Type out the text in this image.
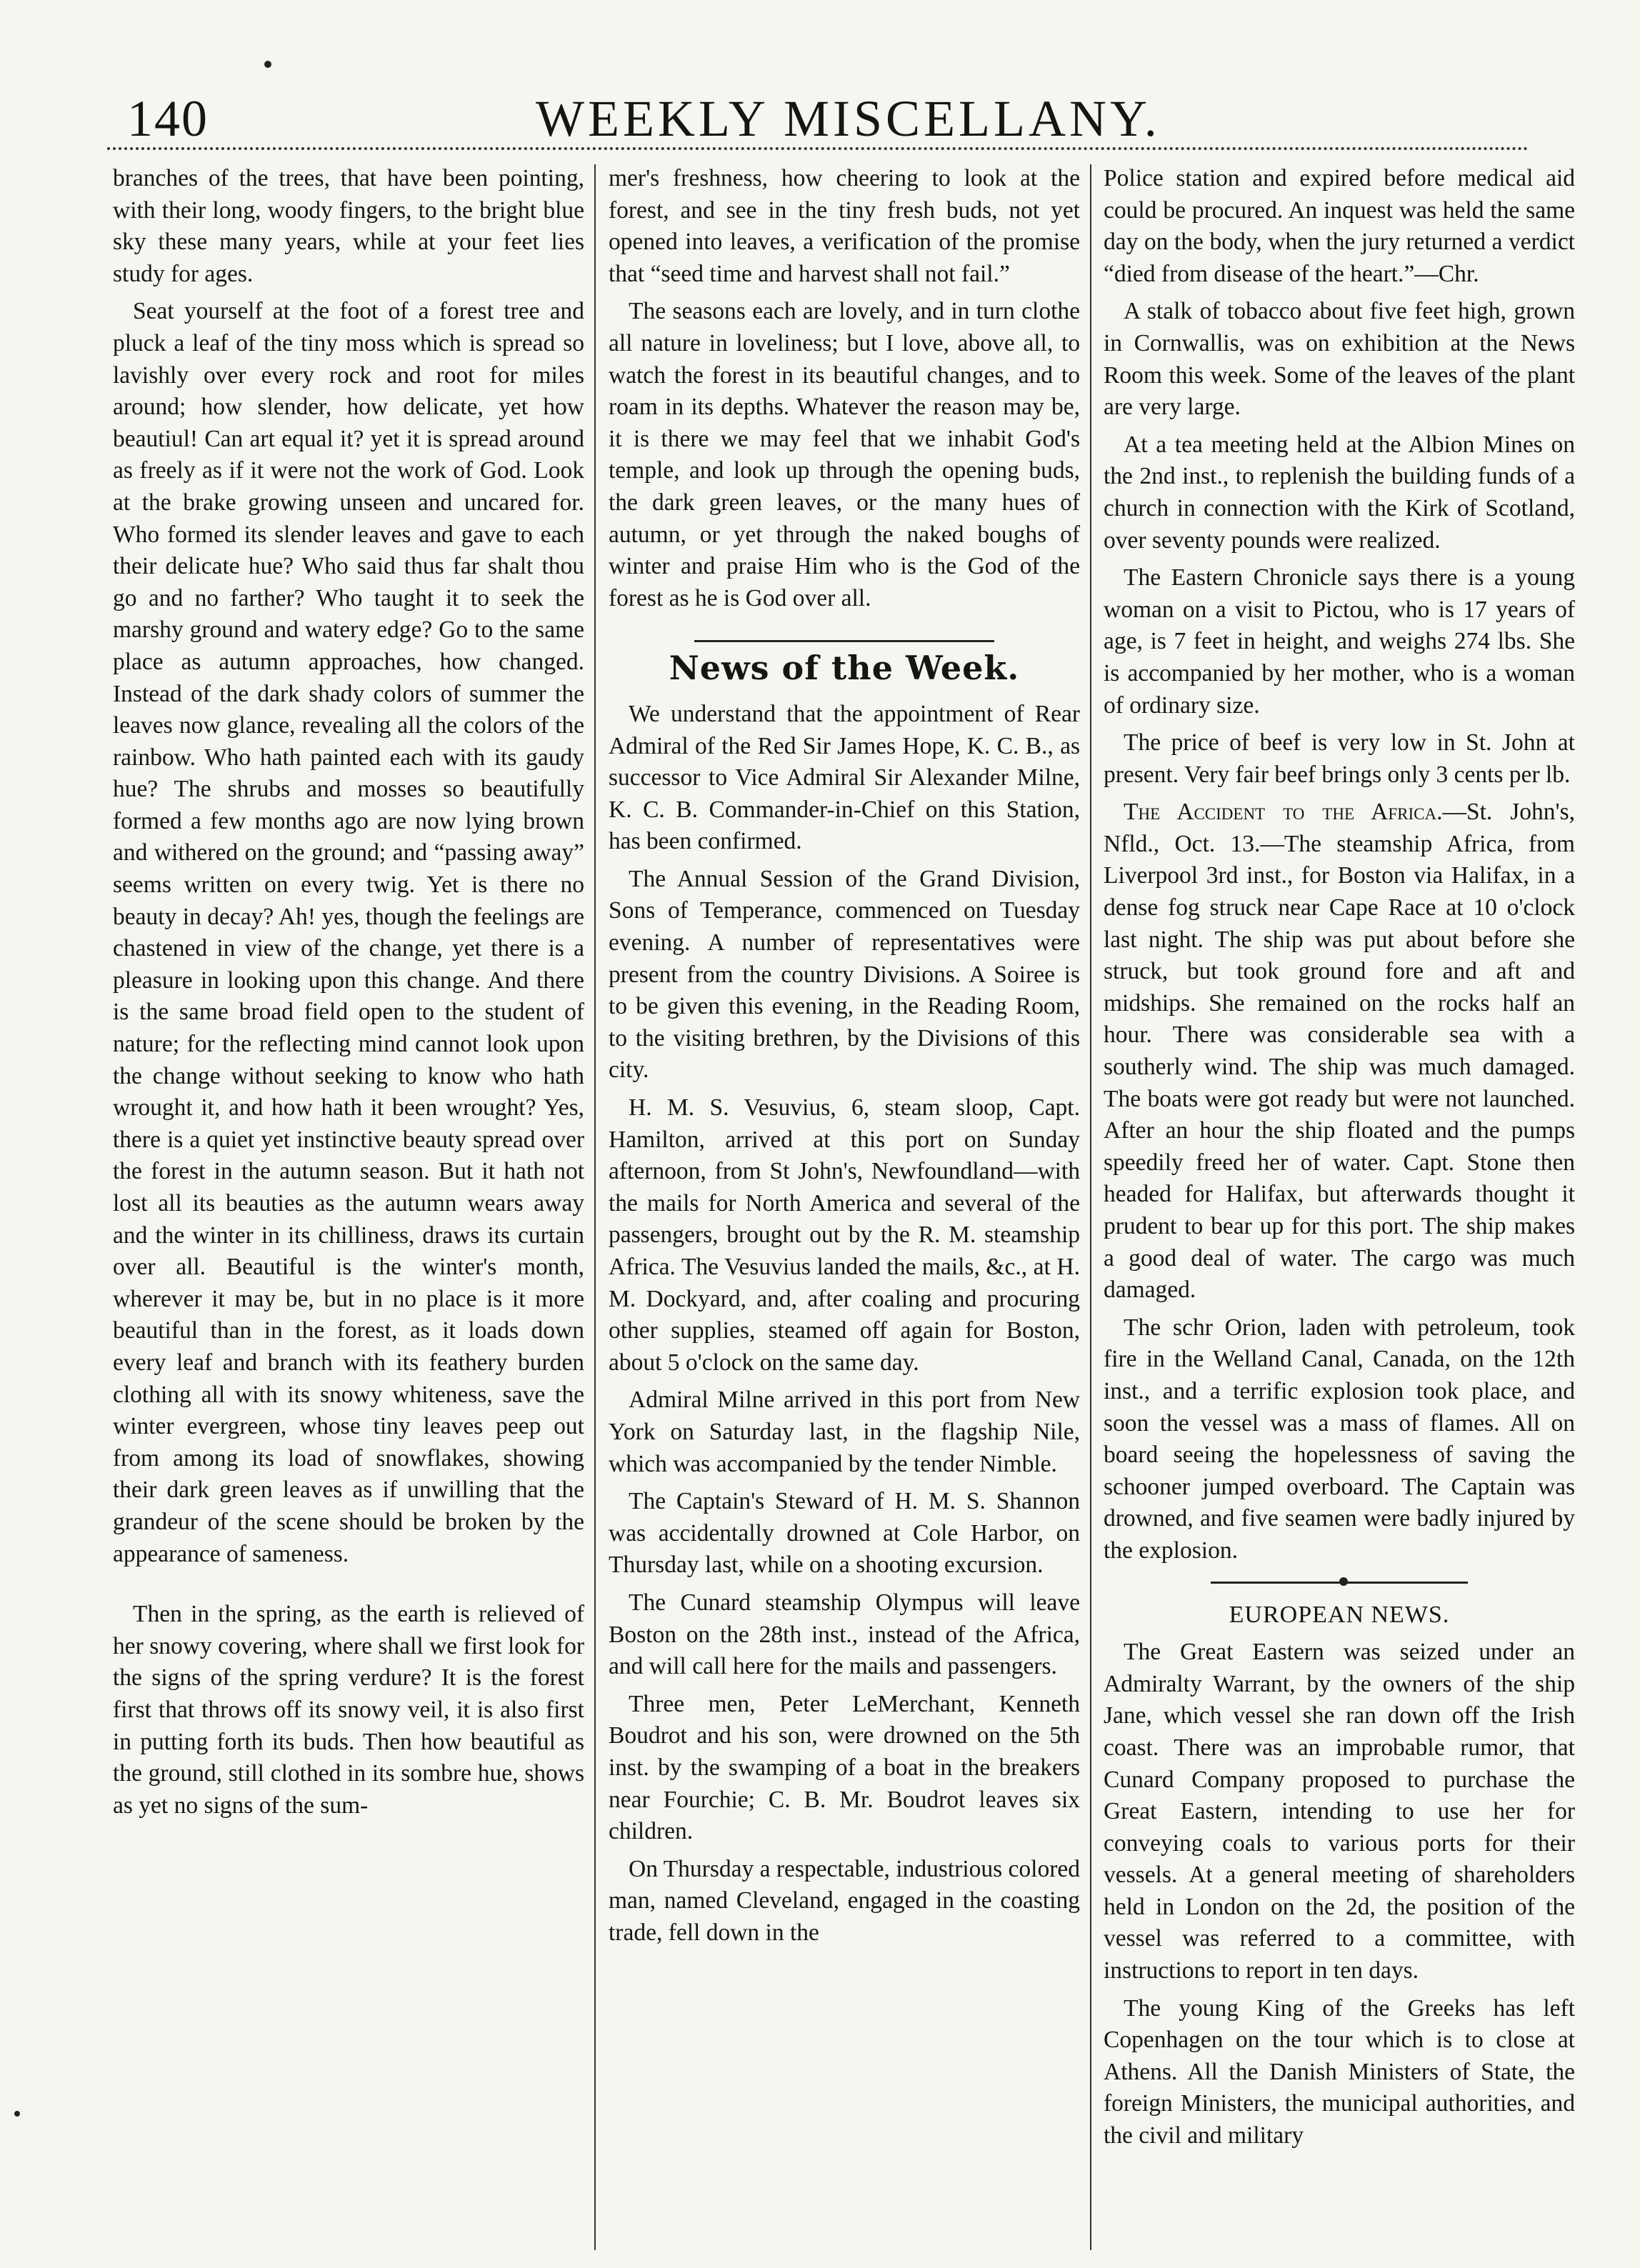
140	WEEKLY MISCELLANY.

branches of the trees, that have been pointing, with their long, woody fingers, to the bright blue sky these many years, while at your feet lies study for ages.

Seat yourself at the foot of a forest tree and pluck a leaf of the tiny moss which is spread so lavishly over every rock and root for miles around; how slender, how delicate, yet how beautiul! Can art equal it? yet it is spread around as freely as if it were not the work of God. Look at the brake growing unseen and uncared for. Who formed its slender leaves and gave to each their delicate hue? Who said thus far shalt thou go and no farther? Who taught it to seek the marshy ground and watery edge? Go to the same place as autumn approaches, how changed. Instead of the dark shady colors of summer the leaves now glance, revealing all the colors of the rainbow. Who hath painted each with its gaudy hue? The shrubs and mosses so beautifully formed a few months ago are now lying brown and withered on the ground; and “passing away” seems written on every twig. Yet is there no beauty in decay? Ah! yes, though the feelings are chastened in view of the change, yet there is a pleasure in looking upon this change. And there is the same broad field open to the student of nature; for the reflecting mind cannot look upon the change without seeking to know who hath wrought it, and how hath it been wrought? Yes, there is a quiet yet instinctive beauty spread over the forest in the autumn season. But it hath not lost all its beauties as the autumn wears away and the winter in its chilliness, draws its curtain over all. Beautiful is the winter's month, wherever it may be, but in no place is it more beautiful than in the forest, as it loads down every leaf and branch with its feathery burden clothing all with its snowy whiteness, save the winter evergreen, whose tiny leaves peep out from among its load of snowflakes, showing their dark green leaves as if unwilling that the grandeur of the scene should be broken by the appearance of sameness.

Then in the spring, as the earth is relieved of her snowy covering, where shall we first look for the signs of the spring verdure? It is the forest first that throws off its snowy veil, it is also first in putting forth its buds. Then how beautiful as the ground, still clothed in its sombre hue, shows as yet no signs of the sum-

mer's freshness, how cheering to look at the forest, and see in the tiny fresh buds, not yet opened into leaves, a verification of the promise that “seed time and harvest shall not fail.”

The seasons each are lovely, and in turn clothe all nature in loveliness; but I love, above all, to watch the forest in its beautiful changes, and to roam in its depths. Whatever the reason may be, it is there we may feel that we inhabit God's temple, and look up through the opening buds, the dark green leaves, or the many hues of autumn, or yet through the naked boughs of winter and praise Him who is the God of the forest as he is God over all.

News of the Week.

We understand that the appointment of Rear Admiral of the Red Sir James Hope, K. C. B., as successor to Vice Admiral Sir Alexander Milne, K. C. B. Commander-in-Chief on this Station, has been confirmed.

The Annual Session of the Grand Division, Sons of Temperance, commenced on Tuesday evening. A number of representatives were present from the country Divisions. A Soiree is to be given this evening, in the Reading Room, to the visiting brethren, by the Divisions of this city.

H. M. S. Vesuvius, 6, steam sloop, Capt. Hamilton, arrived at this port on Sunday afternoon, from St John's, Newfoundland—with the mails for North America and several of the passengers, brought out by the R. M. steamship Africa. The Vesuvius landed the mails, &c., at H. M. Dockyard, and, after coaling and procuring other supplies, steamed off again for Boston, about 5 o'clock on the same day.

Admiral Milne arrived in this port from New York on Saturday last, in the flagship Nile, which was accompanied by the tender Nimble.

The Captain's Steward of H. M. S. Shannon was accidentally drowned at Cole Harbor, on Thursday last, while on a shooting excursion.

The Cunard steamship Olympus will leave Boston on the 28th inst., instead of the Africa, and will call here for the mails and passengers.

Three men, Peter LeMerchant, Kenneth Boudrot and his son, were drowned on the 5th inst. by the swamping of a boat in the breakers near Fourchie; C. B. Mr. Boudrot leaves six children.

On Thursday a respectable, industrious colored man, named Cleveland, engaged in the coasting trade, fell down in the

Police station and expired before medical aid could be procured. An inquest was held the same day on the body, when the jury returned a verdict “died from disease of the heart.”—Chr.

A stalk of tobacco about five feet high, grown in Cornwallis, was on exhibition at the News Room this week. Some of the leaves of the plant are very large.

At a tea meeting held at the Albion Mines on the 2nd inst., to replenish the building funds of a church in connection with the Kirk of Scotland, over seventy pounds were realized.

The Eastern Chronicle says there is a young woman on a visit to Pictou, who is 17 years of age, is 7 feet in height, and weighs 274 lbs. She is accompanied by her mother, who is a woman of ordinary size.

The price of beef is very low in St. John at present. Very fair beef brings only 3 cents per lb.

The Accident to the Africa.—St. John's, Nfld., Oct. 13.—The steamship Africa, from Liverpool 3rd inst., for Boston via Halifax, in a dense fog struck near Cape Race at 10 o'clock last night. The ship was put about before she struck, but took ground fore and aft and midships. She remained on the rocks half an hour. There was considerable sea with a southerly wind. The ship was much damaged. The boats were got ready but were not launched. After an hour the ship floated and the pumps speedily freed her of water. Capt. Stone then headed for Halifax, but afterwards thought it prudent to bear up for this port. The ship makes a good deal of water. The cargo was much damaged.

The schr Orion, laden with petroleum, took fire in the Welland Canal, Canada, on the 12th inst., and a terrific explosion took place, and soon the vessel was a mass of flames. All on board seeing the hopelessness of saving the schooner jumped overboard. The Captain was drowned, and five seamen were badly injured by the explosion.

EUROPEAN NEWS.

The Great Eastern was seized under an Admiralty Warrant, by the owners of the ship Jane, which vessel she ran down off the Irish coast. There was an improbable rumor, that Cunard Company proposed to purchase the Great Eastern, intending to use her for conveying coals to various ports for their vessels. At a general meeting of shareholders held in London on the 2d, the position of the vessel was referred to a committee, with instructions to report in ten days.

The young King of the Greeks has left Copenhagen on the tour which is to close at Athens. All the Danish Ministers of State, the foreign Ministers, the municipal authorities, and the civil and military
